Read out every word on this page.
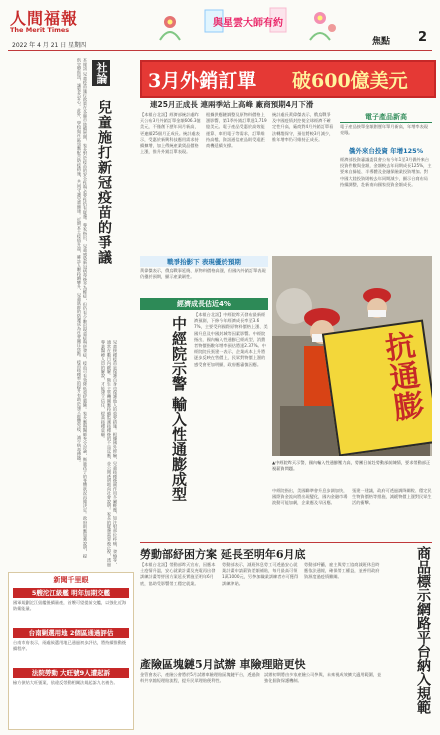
人間福報
The Merit Times
2022 年 4 月 21 日 星期四
與星雲大師有約
焦點 2
本報訊 兒童疫苗施打政策在各縣市陸續展開，家長對於疫苗的安全性與必要性仍有疑慮。專家指出，兒童感染新冠病毒後多為輕症，但仍有少數出現重症與併發症，疫苗可有效降低重症風險。家長應與醫師充分討論，衡量孩子的身體狀況再做決定。政府則應加強說明，提供完整資訊，讓家長安心。此外，學校與社區也應配合防疫措施，共同守護兒童健康。近期本土疫情升溫，確診人數持續攀升，兒童族群的防護成為社會關注焦點。疫苗接種率的提升有助於建立群體免疫，減少病毒傳播。	社論
兒童施打新冠疫苗的爭議
兒童接種疫苗是保護自身也保護他人的重要措施。根據國外經驗，兒童接種後副作用多屬輕微，如注射部位疼痛、發燒等，通常在數日內緩解。衛生主管機關應持續監測接種後的不良反應，並公開透明地向社會說明。家長的疑慮需要被正視，透過專業醫療人員的解說，才能建立信任，提高接種意願。
新聞千里眼
5艘沱江級艦 明年加期交艦
國軍規劃沱江級艦後續量產，首艘可望提前交艦，以強化近海防衛能量。
台南剿選用地 2個區通過評估
台南市府表示，兩處候選用地已通過初步評估，將持續推動後續程序。
法院勞動 大旺號9人遭起訴
檢方偵結大旺號案，依違反勞動相關法規起訴九名被告。
3月外銷訂單 破600億美元
連25月正成長 連兩季站上高峰 廠商預期4月下滑
【本報台北訊】經濟部統計處昨天公布3月外銷訂單金額606.3億美元，不僅創下歷年同月新高，更連續25個月正成長。統計處表示，受惠於新興科技應用需求持續擴增，加上傳統產業貨品價格上漲，推升外銷訂單表現。
根據供應鏈調整及原物料價格上漲影響，第1季外銷訂單達1,719億美元。電子產品受惠於高效能運算、車用電子等需求，訂單維持高檔，資訊通信產品則受遠距商機延續支撐。
統計處長黃偉傑表示，俄烏戰爭及中國疫情封控使全球經濟不確定性升高，廠商對4月外銷訂單看法轉趨保守，預估將較3月減少，惟年增率仍可維持正成長。
電子產品新高
電子產品接單金額創歷年單月新高，年增率表現亮眼。
僑外來台投資 年增125%
經濟部投資審議委員會公布今年1至3月僑外來台投資件數與金額，金額較去年同期成長125%，主要來自綠能、半導體及金融保險業投資增加。對中國大陸投資則較去年同期減少，顯示台商布局持續調整，赴新南向國家投資金額成長。
戰爭抬影下 表現優於預期
黃偉傑表示，俄烏戰事延燒、原物料價格高漲，但國內外銷訂單表現仍優於預期，顯示產業韌性。
經濟成長估近4%
中經院示警 輸入性通膨成型
【本報台北訊】中經院昨天發布最新經濟預測，下修今年經濟成長率至3.67%，主要受到國際原物料價格上漲、美國升息及中國封城等因素影響。中經院指出，國內輸入性通膨已經成型，消費者物價指數年增率預估將達2.37%。中經院院長張建一表示，企業成本上升將逐步反映在售價上，民眾對物價上漲的感受會更加明顯，政府應審慎因應。	抗通膨
▲中經院昨天示警，國內輸入性通膨壓力高，勞團日前赴勞動部前陳情，要求勞動部正視薪資問題。
中經院指出，美國聯準會升息步調加快，國際資金流向將出現變化，國內金融市場波動可能加劇，企業應及早因應。
張建一建議，政府可透過調降關稅、穩定民生物資價格等措施，減緩物價上漲對民眾生活的衝擊。
勞動部紓困方案 延長至明年6月底
【本報台北訊】勞動部昨天宣布，因應本土疫情升溫，安心就業計畫及充電再出發訓練計畫等紓困方案延長實施至明年6月底，協助受影響勞工穩定就業。
勞動部表示，減班休息勞工可透過安心就業計畫申請薪資差額補貼，每月最高可領1萬1000元，另參加職業訓練者亦可獲得訓練津貼。
勞動部呼籲，雇主與勞工協商減班休息時應依法通報，確保勞工權益，並善用政府資源度過疫情難關。
產險區塊鏈5月試辦 車險理賠更快
金管會表示，產險公會將於5月試辦車險理賠區塊鏈平台，透過資料共享縮短理賠流程，提升民眾理賠便利性。
試辦初期將由多家產險公司參與，未來視成效擴大適用範圍，並強化個資保護機制。	商品標示網路平台納入規範
